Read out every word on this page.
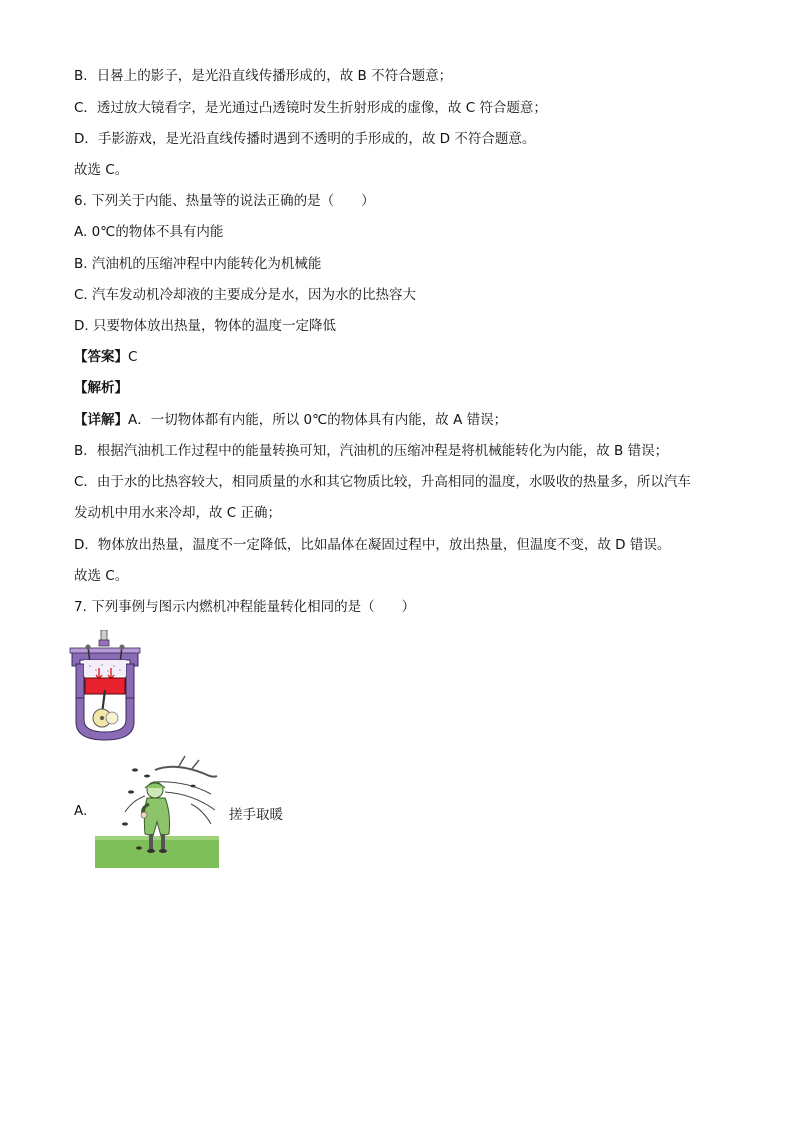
B．日晷上的影子，是光沿直线传播形成的，故 B 不符合题意；
C．透过放大镜看字，是光通过凸透镜时发生折射形成的虚像，故 C 符合题意；
D．手影游戏，是光沿直线传播时遇到不透明的手形成的，故 D 不符合题意。
故选 C。
6. 下列关于内能、热量等的说法正确的是（　　）
A. 0℃的物体不具有内能
B. 汽油机的压缩冲程中内能转化为机械能
C. 汽车发动机冷却液的主要成分是水，因为水的比热容大
D. 只要物体放出热量，物体的温度一定降低
【答案】C
【解析】
【详解】A．一切物体都有内能，所以 0℃的物体具有内能，故 A 错误；
B．根据汽油机工作过程中的能量转换可知，汽油机的压缩冲程是将机械能转化为内能，故 B 错误；
C．由于水的比热容较大，相同质量的水和其它物质比较，升高相同的温度，水吸收的热量多，所以汽车
发动机中用水来冷却，故 C 正确；
D．物体放出热量，温度不一定降低，比如晶体在凝固过程中，放出热量，但温度不变，故 D 错误。
故选 C。
7. 下列事例与图示内燃机冲程能量转化相同的是（　　）
A.	搓手取暖
